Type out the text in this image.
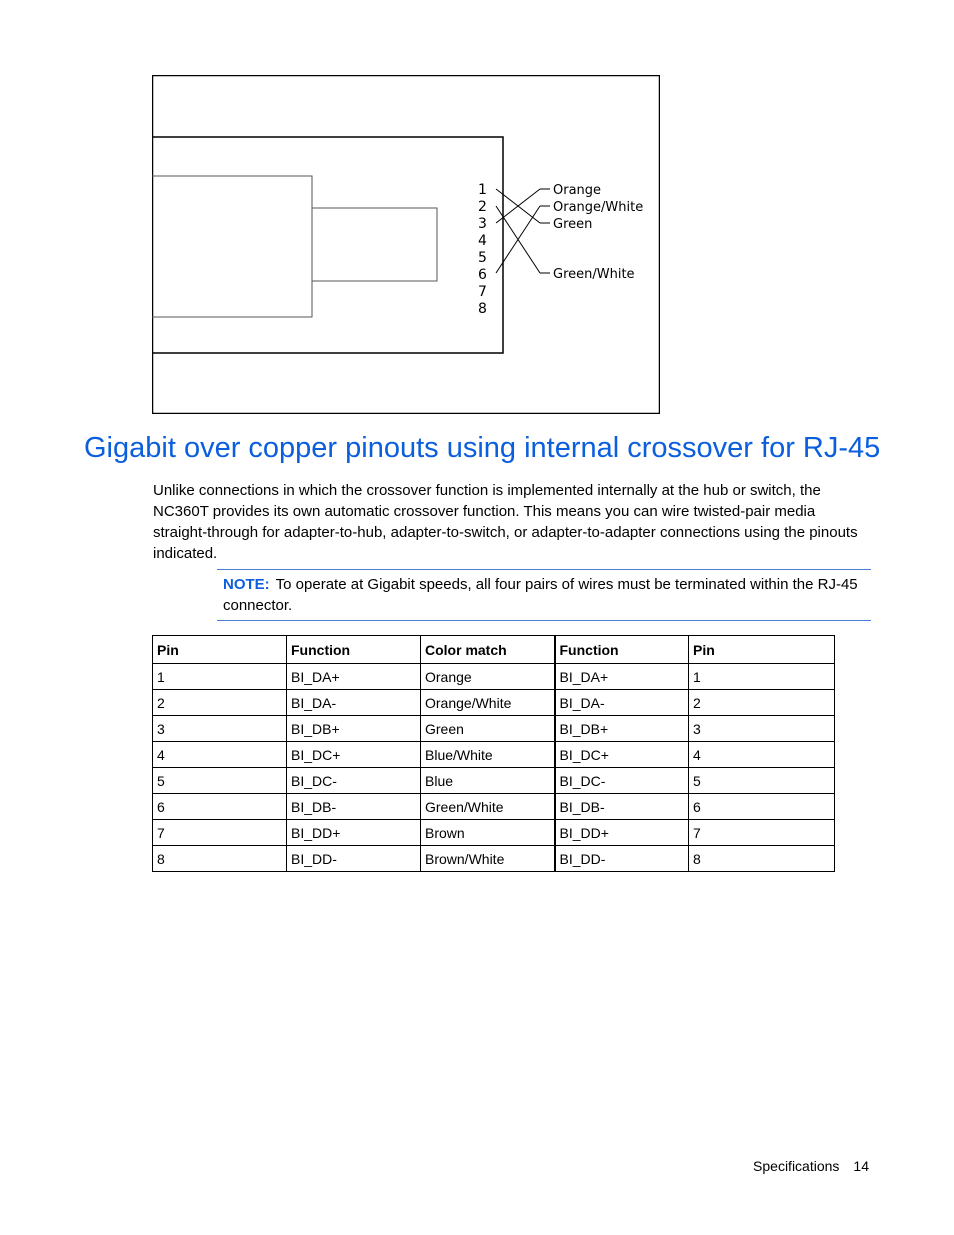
1
2
3
4
5
6
7
8
Orange
Orange/White
Green
Green/White
Gigabit over copper pinouts using internal crossover for RJ-45

Unlike connections in which the crossover function is implemented internally at the hub or switch, the NC360T provides its own automatic crossover function. This means you can wire twisted-pair media straight-through for adapter-to-hub, adapter-to-switch, or adapter-to-adapter connections using the pinouts indicated.

NOTE: To operate at Gigabit speeds, all four pairs of wires must be terminated within the RJ-45 connector.

Pin	Function	Color match	Function	Pin
1	BI_DA+	Orange	BI_DA+	1
2	BI_DA-	Orange/White	BI_DA-	2
3	BI_DB+	Green	BI_DB+	3
4	BI_DC+	Blue/White	BI_DC+	4
5	BI_DC-	Blue	BI_DC-	5
6	BI_DB-	Green/White	BI_DB-	6
7	BI_DD+	Brown	BI_DD+	7
8	BI_DD-	Brown/White	BI_DD-	8
Specifications 14
